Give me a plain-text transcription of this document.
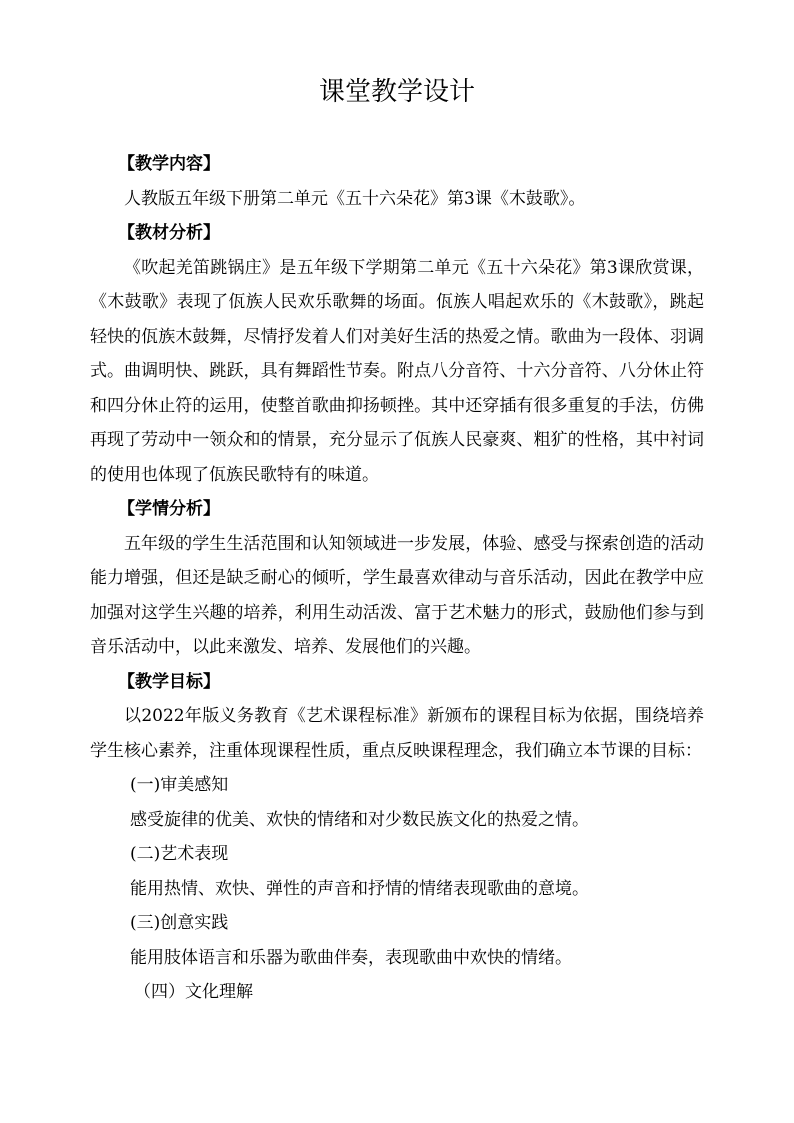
课堂教学设计

【教学内容】

人教版五年级下册第二单元《五十六朵花》第3课《木鼓歌》。

【教材分析】

《吹起羌笛跳锅庄》是五年级下学期第二单元《五十六朵花》第3课欣赏课，《木鼓歌》表现了佤族人民欢乐歌舞的场面。佤族人唱起欢乐的《木鼓歌》，跳起轻快的佤族木鼓舞，尽情抒发着人们对美好生活的热爱之情。歌曲为一段体、羽调式。曲调明快、跳跃，具有舞蹈性节奏。附点八分音符、十六分音符、八分休止符和四分休止符的运用，使整首歌曲抑扬顿挫。其中还穿插有很多重复的手法，仿佛再现了劳动中一领众和的情景，充分显示了佤族人民豪爽、粗犷的性格，其中衬词的使用也体现了佤族民歌特有的味道。

【学情分析】

五年级的学生生活范围和认知领域进一步发展，体验、感受与探索创造的活动能力增强，但还是缺乏耐心的倾听，学生最喜欢律动与音乐活动，因此在教学中应加强对这学生兴趣的培养，利用生动活泼、富于艺术魅力的形式，鼓励他们参与到音乐活动中，以此来激发、培养、发展他们的兴趣。

【教学目标】

以2022年版义务教育《艺术课程标准》新颁布的课程目标为依据，围绕培养学生核心素养，注重体现课程性质，重点反映课程理念，我们确立本节课的目标：

(一)审美感知

感受旋律的优美、欢快的情绪和对少数民族文化的热爱之情。

(二)艺术表现

能用热情、欢快、弹性的声音和抒情的情绪表现歌曲的意境。

(三)创意实践

能用肢体语言和乐器为歌曲伴奏，表现歌曲中欢快的情绪。

（四）文化理解
